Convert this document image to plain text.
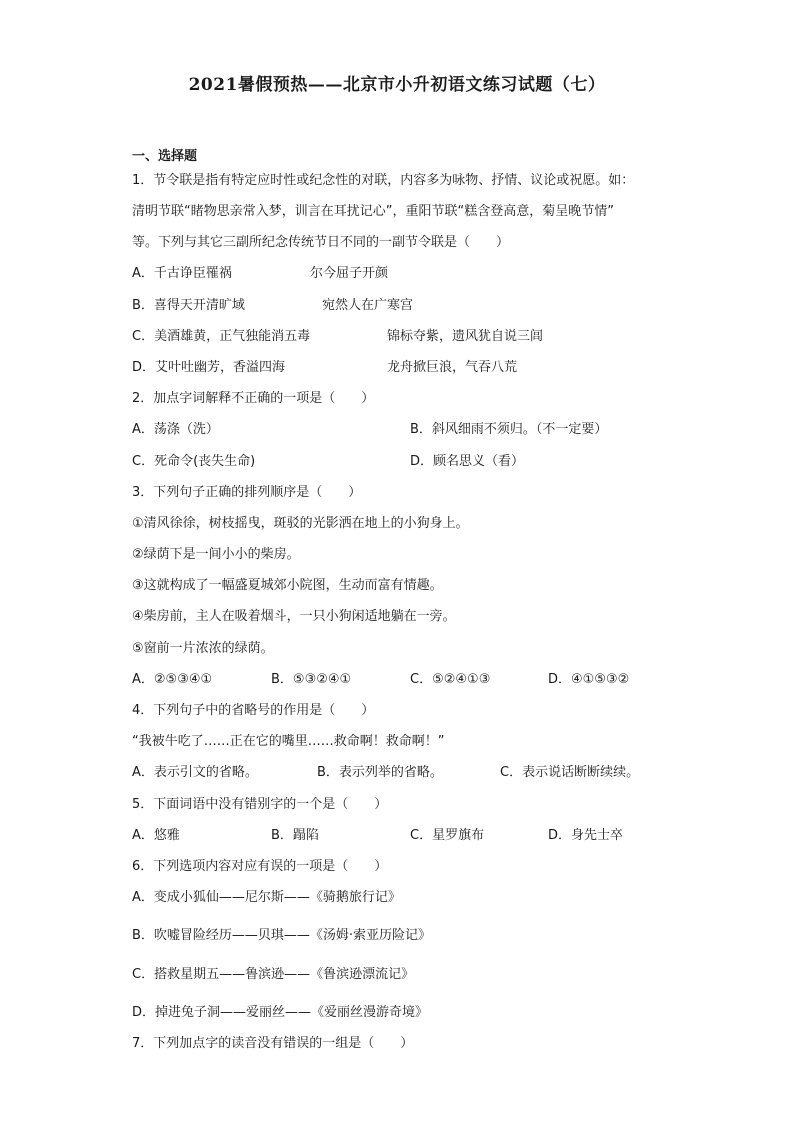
2021暑假预热——北京市小升初语文练习试题（七）
一、选择题
1．节令联是指有特定应时性或纪念性的对联，内容多为咏物、抒情、议论或祝愿。如：
清明节联“睹物思亲常入梦，训言在耳扰记心”，重阳节联“糕含登高意，菊呈晚节情”
等。下列与其它三副所纪念传统节日不同的一副节令联是（　　）
A．千古诤臣罹祸	尔今屈子开颜
B．喜得天开清旷域	宛然人在广寒宫
C．美酒雄黄，正气独能消五毒	锦标夺紫，遗风犹自说三闾
D．艾叶吐幽芳，香溢四海	龙舟掀巨浪，气吞八荒
2．加点字词解释不正确的一项是（　　）
A．荡涤（洗）	B．斜风细雨不须归。（不一定要）
C．死命令(丧失生命)	D．顾名思义（看）
3．下列句子正确的排列顺序是（　　）
①清风徐徐，树枝摇曳，斑驳的光影洒在地上的小狗身上。
②绿荫下是一间小小的柴房。
③这就构成了一幅盛夏城郊小院图，生动而富有情趣。
④柴房前，主人在吸着烟斗，一只小狗闲适地躺在一旁。
⑤窗前一片浓浓的绿荫。
A．②⑤③④①	B．⑤③②④①	C．⑤②④①③	D．④①⑤③②
4．下列句子中的省略号的作用是（　　）
“我被牛吃了……正在它的嘴里……救命啊！救命啊！”
A．表示引文的省略。	B．表示列举的省略。	C．表示说话断断续续。
5．下面词语中没有错别字的一个是（　　）
A．悠雅	B．蹋陷	C．星罗旗布	D．身先士卒
6．下列选项内容对应有误的一项是（　　）
A．变成小狐仙——尼尔斯——《骑鹅旅行记》
B．吹嘘冒险经历——贝琪——《汤姆·索亚历险记》
C．搭救星期五——鲁滨逊——《鲁滨逊漂流记》
D．掉进兔子洞——爱丽丝——《爱丽丝漫游奇境》
7．下列加点字的读音没有错误的一组是（　　）
